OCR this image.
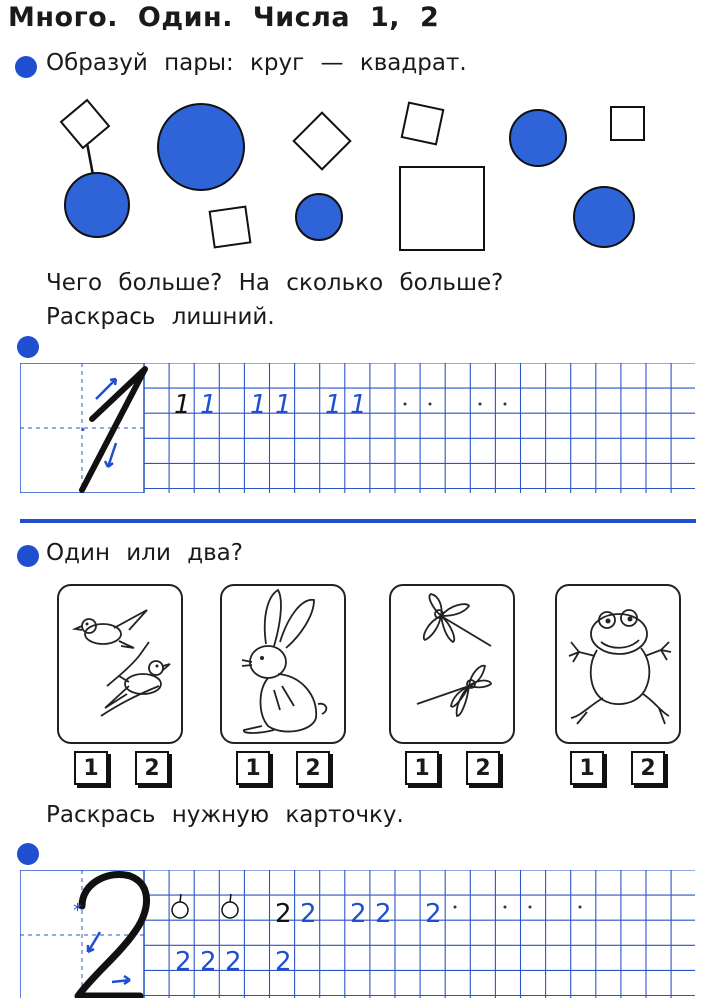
Много. Один. Числа 1, 2
Образуй пары: круг — квадрат.
Чего больше? На сколько больше?
Раскрась лишний.
•
1 1 1 1 1 1
Один или два?
1	2	1	2	1	2	1	2
Раскрась нужную карточку.
*	2 2 2 2 2
2 2 2 2
